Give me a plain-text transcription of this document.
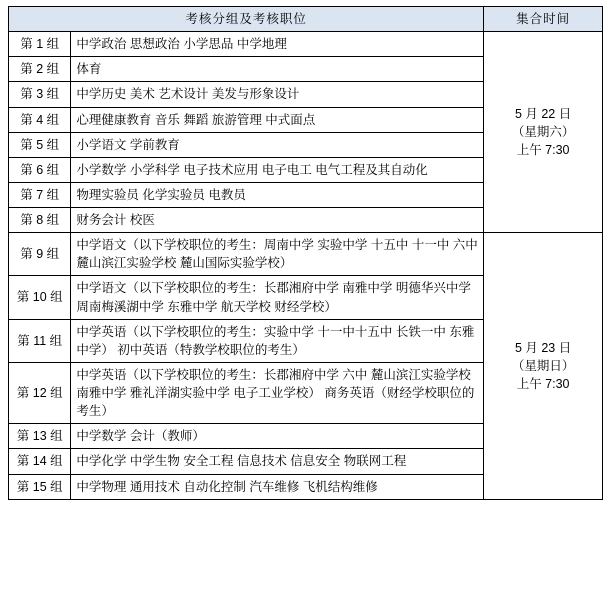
考核分组及考核职位		集合时间
第 1 组	中学政治 思想政治 小学思品 中学地理	5 月 22 日
（星期六）
上午 7:30

第 2 组	体育	
第 3 组	中学历史 美术 艺术设计 美发与形象设计	
第 4 组	心理健康教育 音乐 舞蹈 旅游管理 中式面点	
第 5 组	小学语文 学前教育	
第 6 组	小学数学 小学科学 电子技术应用 电子电工 电气工程及其自动化	
第 7 组	物理实验员 化学实验员 电教员	
第 8 组	财务会计 校医	
第 9 组	中学语文（以下学校职位的考生：周南中学 实验中学 十五中 十一中 六中 麓山滨江实验学校 麓山国际实验学校）	5 月 23 日
（星期日）
上午 7:30

第 10 组	中学语文（以下学校职位的考生：长郡湘府中学 南雅中学 明德华兴中学 周南梅溪湖中学 东雅中学 航天学校 财经学校）	
第 11 组	中学英语（以下学校职位的考生：实验中学 十一中十五中 长铁一中 东雅中学） 初中英语（特教学校职位的考生）	
第 12 组	中学英语（以下学校职位的考生：长郡湘府中学 六中 麓山滨江实验学校 南雅中学 雅礼洋湖实验中学 电子工业学校） 商务英语（财经学校职位的考生）	
第 13 组	中学数学 会计（教师）	
第 14 组	中学化学 中学生物 安全工程 信息技术 信息安全 物联网工程	
第 15 组	中学物理 通用技术 自动化控制 汽车维修 飞机结构维修	
